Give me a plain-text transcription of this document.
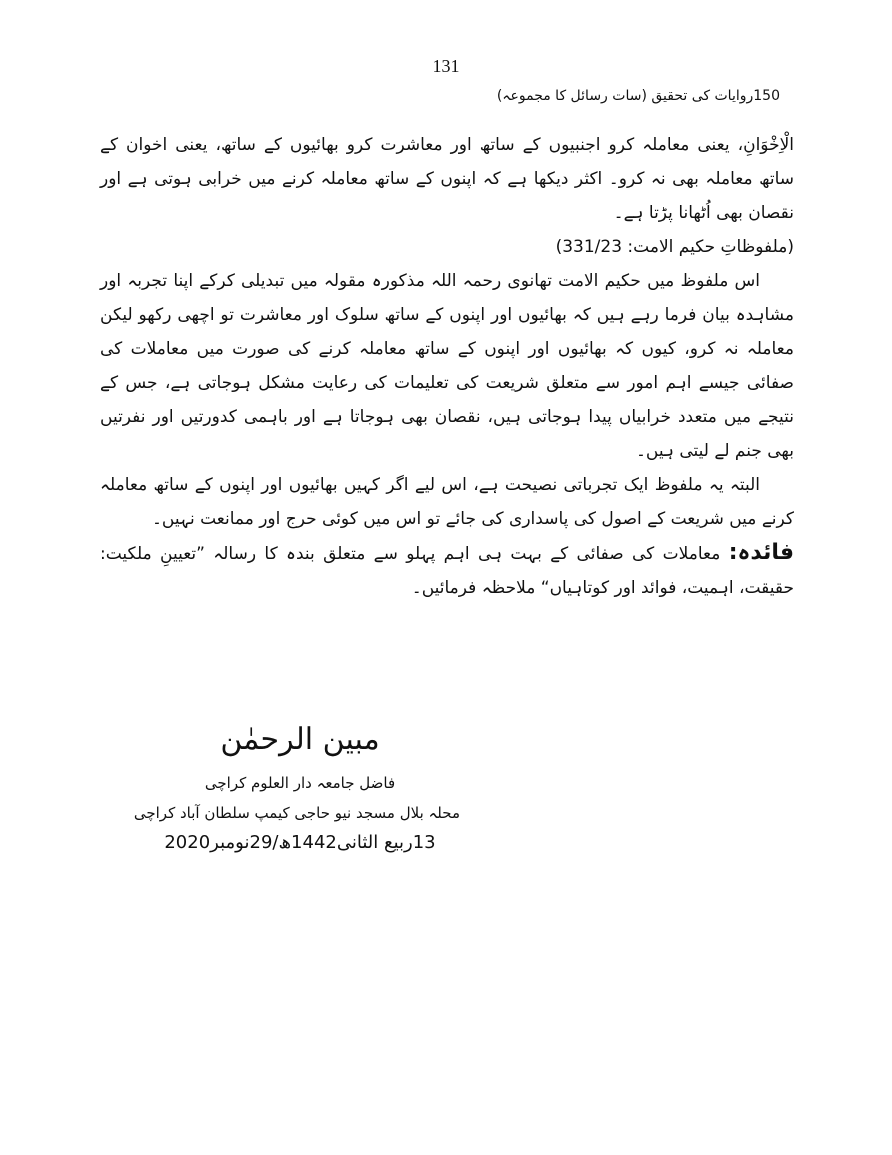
131
150روایات کی تحقیق (سات رسائل کا مجموعہ)

الْاِخْوَانِ، یعنی معاملہ کرو اجنبیوں کے ساتھ اور معاشرت کرو بھائیوں کے ساتھ، یعنی اخوان کے ساتھ معاملہ بھی نہ کرو۔ اکثر دیکھا ہے کہ اپنوں کے ساتھ معاملہ کرنے میں خرابی ہوتی ہے اور نقصان بھی اُٹھانا پڑتا ہے۔

(ملفوظاتِ حکیم الامت: 331/23)

اس ملفوظ میں حکیم الامت تھانوی رحمہ اللہ مذکورہ مقولہ میں تبدیلی کرکے اپنا تجربہ اور مشاہدہ بیان فرما رہے ہیں کہ بھائیوں اور اپنوں کے ساتھ سلوک اور معاشرت تو اچھی رکھو لیکن معاملہ نہ کرو، کیوں کہ بھائیوں اور اپنوں کے ساتھ معاملہ کرنے کی صورت میں معاملات کی صفائی جیسے اہم امور سے متعلق شریعت کی تعلیمات کی رعایت مشکل ہوجاتی ہے، جس کے نتیجے میں متعدد خرابیاں پیدا ہوجاتی ہیں، نقصان بھی ہوجاتا ہے اور باہمی کدورتیں اور نفرتیں بھی جنم لے لیتی ہیں۔

البتہ یہ ملفوظ ایک تجرباتی نصیحت ہے، اس لیے اگر کہیں بھائیوں اور اپنوں کے ساتھ معاملہ کرنے میں شریعت کے اصول کی پاسداری کی جائے تو اس میں کوئی حرج اور ممانعت نہیں۔

فائدہ: معاملات کی صفائی کے بہت ہی اہم پہلو سے متعلق بندہ کا رسالہ ”تعیینِ ملکیت: حقیقت، اہمیت، فوائد اور کوتاہیاں“ ملاحظہ فرمائیں۔

مبین الرحمٰن
فاضل جامعہ دار العلوم کراچی
محلہ بلال مسجد نیو حاجی کیمپ سلطان آباد کراچی
13ربیع الثانی1442ھ/29نومبر2020
